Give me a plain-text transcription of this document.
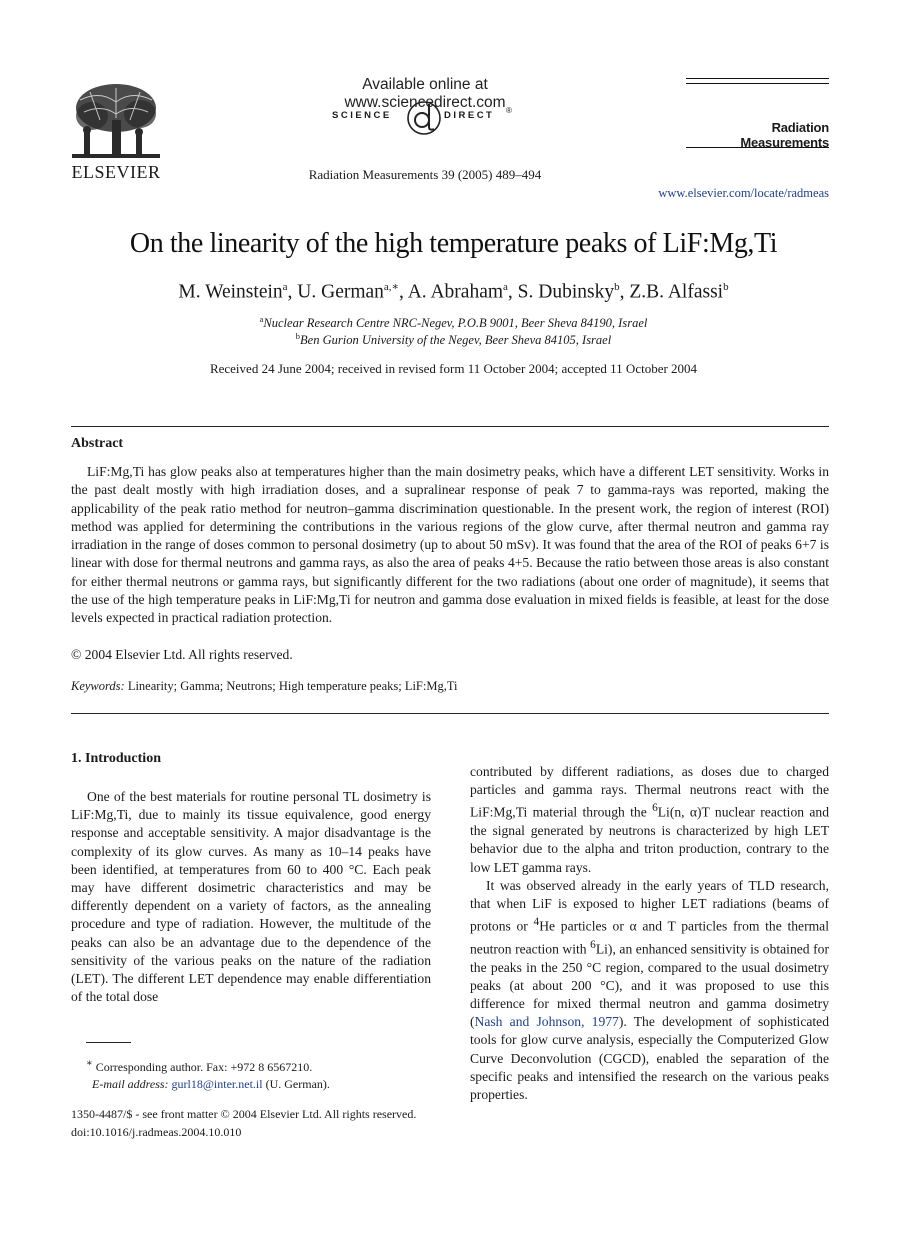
ELSEVIER
Available online at www.sciencedirect.com
SCIENCE	DIRECT ®
Radiation Measurements 39 (2005) 489–494
Radiation Measurements
www.elsevier.com/locate/radmeas
On the linearity of the high temperature peaks of LiF:Mg,Ti
M. Weinstein$^a$, U. German$^{a,∗}$, A. Abraham$^a$, S. Dubinsky$^b$, Z.B. Alfassi$^b$
$^a$Nuclear Research Centre NRC-Negev, P.O.B 9001, Beer Sheva 84190, Israel
$^b$Ben Gurion University of the Negev, Beer Sheva 84105, Israel
Received 24 June 2004; received in revised form 11 October 2004; accepted 11 October 2004
Abstract
LiF:Mg,Ti has glow peaks also at temperatures higher than the main dosimetry peaks, which have a different LET sensitivity. Works in the past dealt mostly with high irradiation doses, and a supralinear response of peak 7 to gamma-rays was reported, making the applicability of the peak ratio method for neutron–gamma discrimination questionable. In the present work, the region of interest (ROI) method was applied for determining the contributions in the various regions of the glow curve, after thermal neutron and gamma ray irradiation in the range of doses common to personal dosimetry (up to about 50 mSv). It was found that the area of the ROI of peaks 6+7 is linear with dose for thermal neutrons and gamma rays, as also the area of peaks 4+5. Because the ratio between those areas is also constant for either thermal neutrons or gamma rays, but significantly different for the two radiations (about one order of magnitude), it seems that the use of the high temperature peaks in LiF:Mg,Ti for neutron and gamma dose evaluation in mixed fields is feasible, at least for the dose levels expected in practical radiation protection.
© 2004 Elsevier Ltd. All rights reserved.
Keywords: Linearity; Gamma; Neutrons; High temperature peaks; LiF:Mg,Ti
1. Introduction
One of the best materials for routine personal TL dosimetry is LiF:Mg,Ti, due to mainly its tissue equivalence, good energy response and acceptable sensitivity. A major disadvantage is the complexity of its glow curves. As many as 10–14 peaks have been identified, at temperatures from 60 to 400 °C. Each peak may have different dosimetric characteristics and may be differently dependent on a variety of factors, as the annealing procedure and type of radiation. However, the multitude of the peaks can also be an advantage due to the dependence of the sensitivity of the various peaks on the nature of the radiation (LET). The different LET dependence may enable differentiation of the total dose

contributed by different radiations, as doses due to charged particles and gamma rays. Thermal neutrons react with the LiF:Mg,Ti material through the $^6$Li(n, α)T nuclear reaction and the signal generated by neutrons is characterized by high LET behavior due to the alpha and triton production, contrary to the low LET gamma rays.

It was observed already in the early years of TLD research, that when LiF is exposed to higher LET radiations (beams of protons or $^4$He particles or α and T particles from the thermal neutron reaction with $^6$Li), an enhanced sensitivity is obtained for the peaks in the 250 °C region, compared to the usual dosimetry peaks (at about 200 °C), and it was proposed to use this difference for mixed thermal neutron and gamma dosimetry (Nash and Johnson, 1977). The development of sophisticated tools for glow curve analysis, especially the Computerized Glow Curve Deconvolution (CGCD), enabled the separation of the specific peaks and intensified the research on the various peaks properties.

∗ Corresponding author. Fax: +972 8 6567210.
E-mail address: gurl18@inter.net.il (U. German).
1350-4487/$ - see front matter © 2004 Elsevier Ltd. All rights reserved.
doi:10.1016/j.radmeas.2004.10.010
